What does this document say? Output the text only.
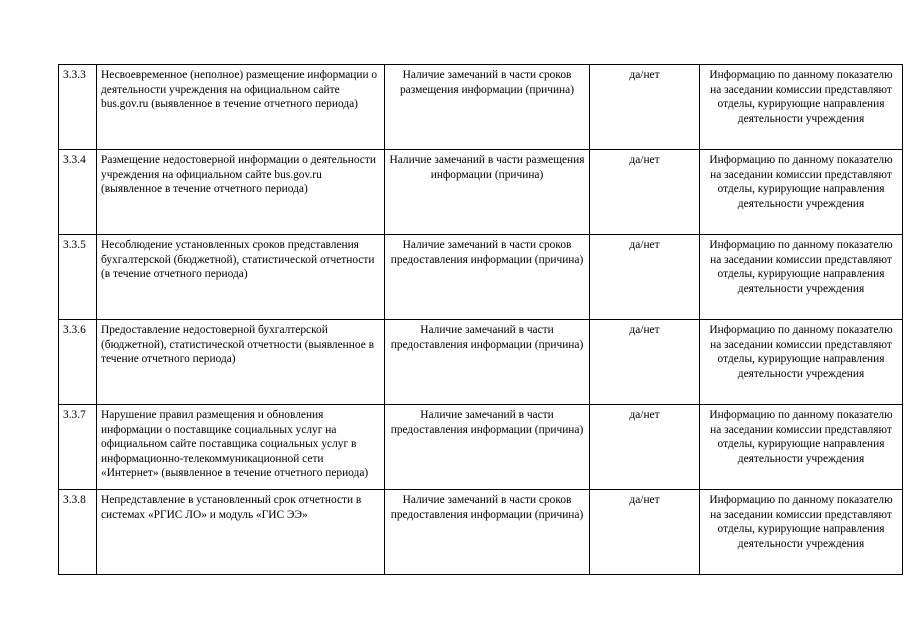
3.3.3	Несвоевременное (неполное) размещение информации о деятельности учреждения на официальном сайте bus.gov.ru (выявленное в течение отчетного периода)	Наличие замечаний в части сроков размещения информации (причина)	да/нет	Информацию по данному показателю на заседании комиссии представляют отделы, курирующие направления деятельности учреждения
3.3.4	Размещение недостоверной информации о деятельности учреждения на официальном сайте bus.gov.ru (выявленное в течение отчетного периода)	Наличие замечаний в части размещения информации (причина)	да/нет	Информацию по данному показателю на заседании комиссии представляют отделы, курирующие направления деятельности учреждения
3.3.5	Несоблюдение установленных сроков представления бухгалтерской (бюджетной), статистической отчетности (в течение отчетного периода)	Наличие замечаний в части сроков предоставления информации (причина)	да/нет	Информацию по данному показателю на заседании комиссии представляют отделы, курирующие направления деятельности учреждения
3.3.6	Предоставление недостоверной бухгалтерской (бюджетной), статистической отчетности (выявленное в течение отчетного периода)	Наличие замечаний в части предоставления информации (причина)	да/нет	Информацию по данному показателю на заседании комиссии представляют отделы, курирующие направления деятельности учреждения
3.3.7	Нарушение правил размещения и обновления информации о поставщике социальных услуг на официальном сайте поставщика социальных услуг в информационно-телекоммуникационной сети «Интернет» (выявленное в течение отчетного периода)	Наличие замечаний в части предоставления информации (причина)	да/нет	Информацию по данному показателю на заседании комиссии представляют отделы, курирующие направления деятельности учреждения
3.3.8	Непредставление в установленный срок отчетности в системах «РГИС ЛО» и модуль «ГИС ЭЭ»	Наличие замечаний в части сроков предоставления информации (причина)	да/нет	Информацию по данному показателю на заседании комиссии представляют отделы, курирующие направления деятельности учреждения
